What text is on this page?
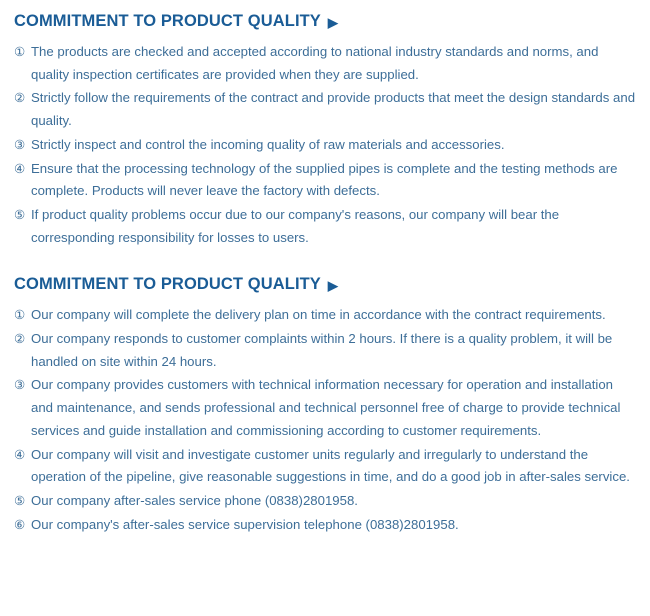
COMMITMENT TO PRODUCT QUALITY ▶
① The products are checked and accepted according to national industry standards and norms, and quality inspection certificates are provided when they are supplied.
② Strictly follow the requirements of the contract and provide products that meet the design standards and quality.
③ Strictly inspect and control the incoming quality of raw materials and accessories.
④ Ensure that the processing technology of the supplied pipes is complete and the testing methods are complete. Products will never leave the factory with defects.
⑤ If product quality problems occur due to our company's reasons, our company will bear the corresponding responsibility for losses to users.
COMMITMENT TO PRODUCT QUALITY ▶
① Our company will complete the delivery plan on time in accordance with the contract requirements.
② Our company responds to customer complaints within 2 hours. If there is a quality problem, it will be handled on site within 24 hours.
③ Our company provides customers with technical information necessary for operation and installation and maintenance, and sends professional and technical personnel free of charge to provide technical services and guide installation and commissioning according to customer requirements.
④ Our company will visit and investigate customer units regularly and irregularly to understand the operation of the pipeline, give reasonable suggestions in time, and do a good job in after-sales service.
⑤ Our company after-sales service phone (0838)2801958.
⑥ Our company's after-sales service supervision telephone (0838)2801958.
